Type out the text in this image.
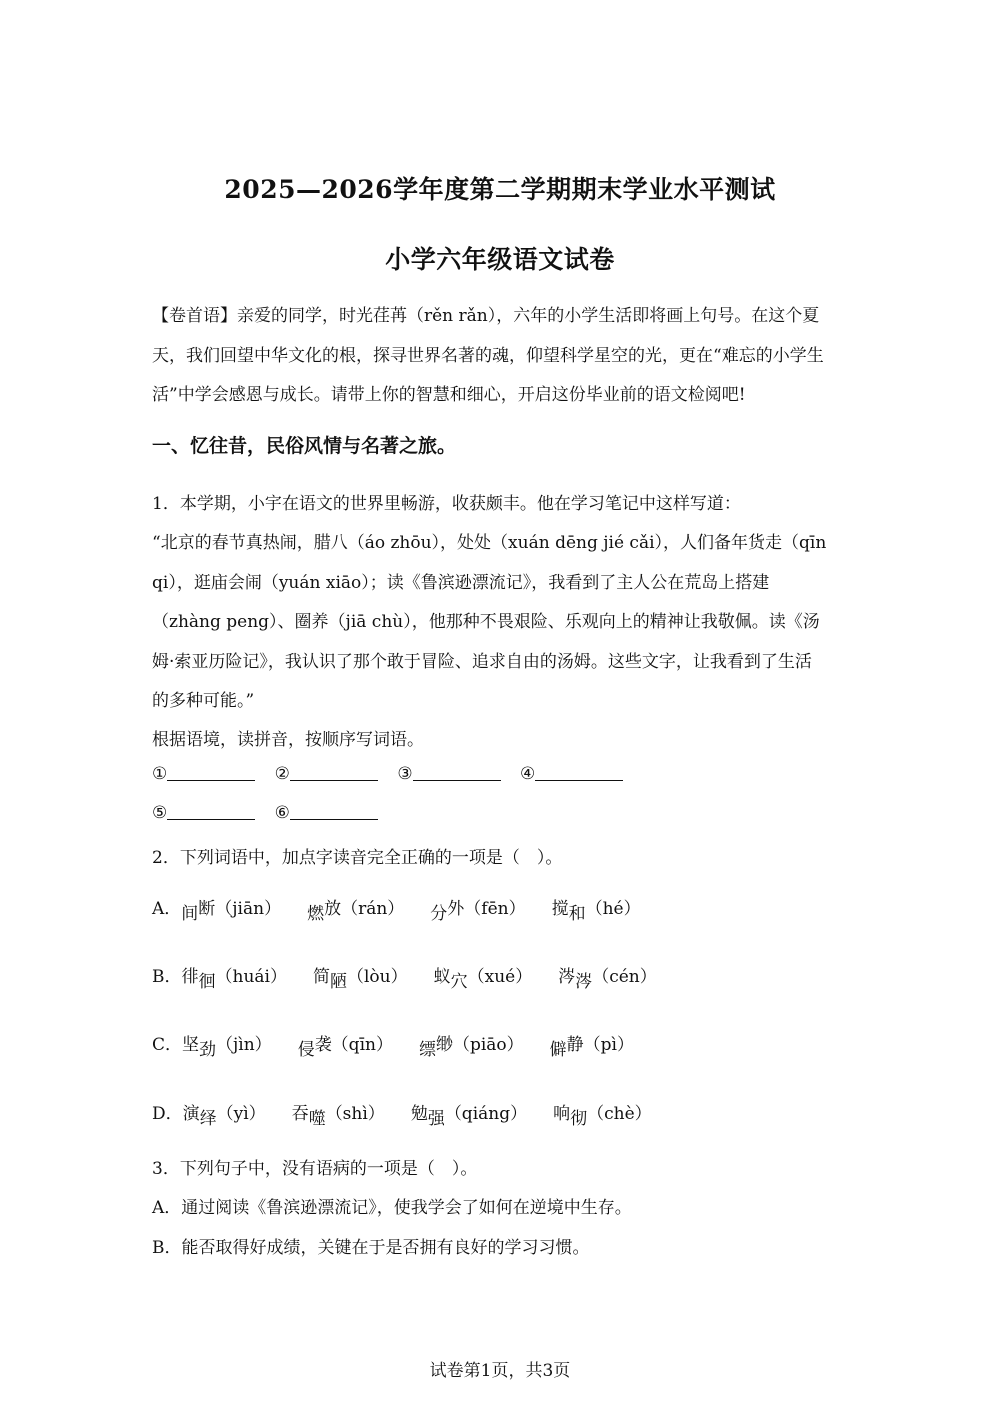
2025—2026学年度第二学期期末学业水平测试
小学六年级语文试卷
【卷首语】亲爱的同学，时光荏苒（rěn rǎn），六年的小学生活即将画上句号。在这个夏天，我们回望中华文化的根，探寻世界名著的魂，仰望科学星空的光，更在“难忘的小学生活”中学会感恩与成长。请带上你的智慧和细心，开启这份毕业前的语文检阅吧!
一、忆往昔，民俗风情与名著之旅。
1．本学期，小宇在语文的世界里畅游，收获颇丰。他在学习笔记中这样写道：
“北京的春节真热闹，腊八（áo zhōu），处处（xuán dēng jié cǎi），人们备年货走（qīn
qi），逛庙会闹（yuán xiāo）；读《鲁滨逊漂流记》，我看到了主人公在荒岛上搭建
（zhàng peng）、圈养（jiā chù），他那种不畏艰险、乐观向上的精神让我敬佩。读《汤
姆·索亚历险记》，我认识了那个敢于冒险、追求自由的汤姆。这些文字，让我看到了生活
的多种可能。”
根据语境，读拼音，按顺序写词语。
①	②	③	④
⑤	⑥
2．下列词语中，加点字读音完全正确的一项是（　）。
A．间断（jiān） 燃放（rán） 分外（fēn） 搅和（hé）
B．徘徊（huái） 简陋（lòu） 蚁穴（xué） 涔涔（cén）
C．坚劲（jìn） 侵袭（qīn） 缥缈（piāo） 僻静（pì）
D．演绎（yì） 吞噬（shì） 勉强（qiáng） 响彻（chè）
3．下列句子中，没有语病的一项是（　）。
A．通过阅读《鲁滨逊漂流记》，使我学会了如何在逆境中生存。
B．能否取得好成绩，关键在于是否拥有良好的学习习惯。
试卷第1页，共3页
